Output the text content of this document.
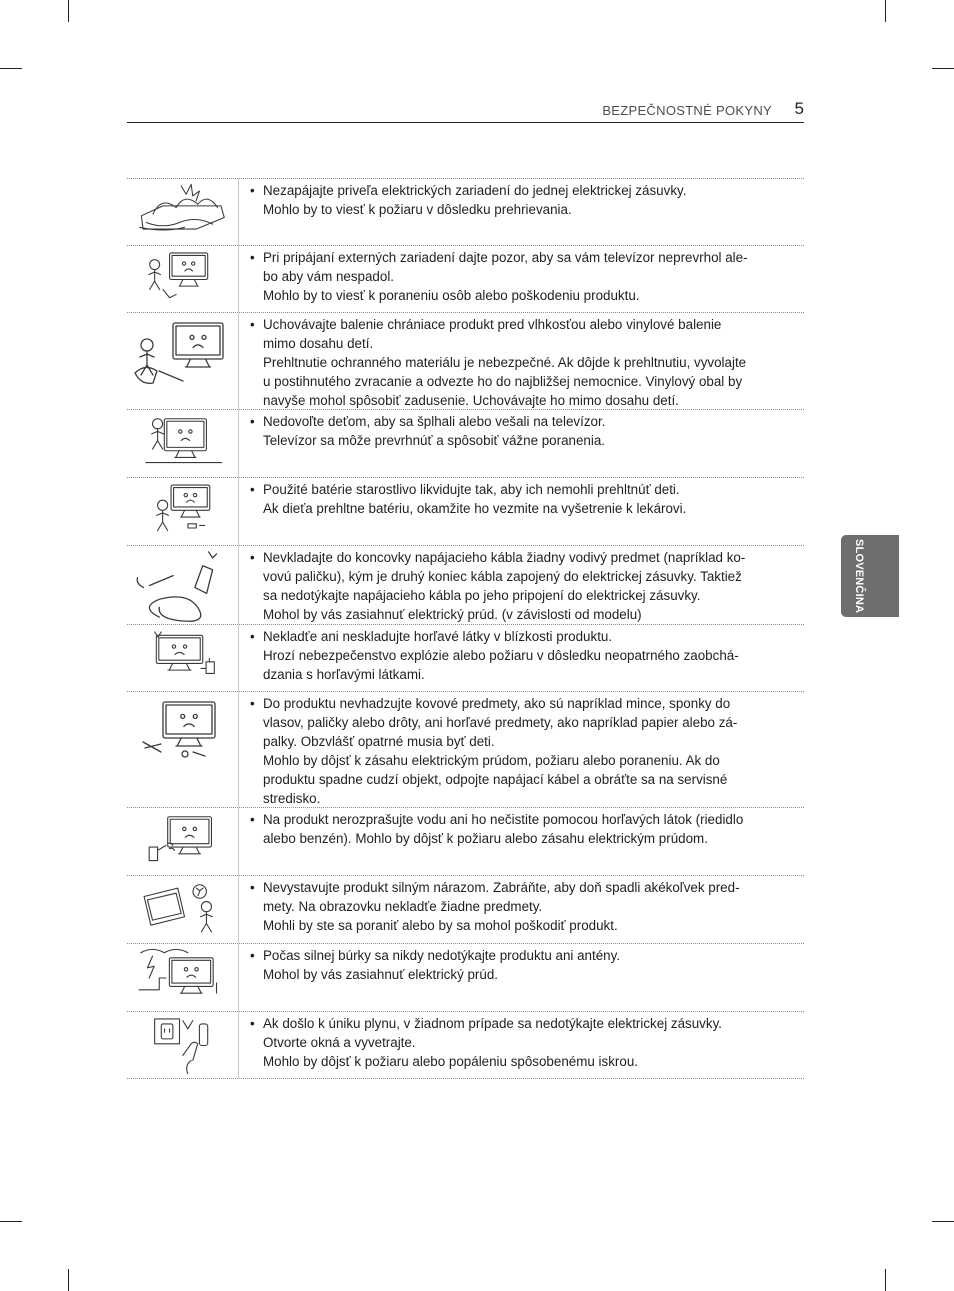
BEZPEČNOSTNÉ POKYNY 5
SLOVENČINA
• Nezapájajte priveľa elektrických zariadení do jednej elektrickej zásuvky.
Mohlo by to viesť k požiaru v dôsledku prehrievania.
• Pri pripájaní externých zariadení dajte pozor, aby sa vám televízor neprevrhol ale-
bo aby vám nespadol.
Mohlo by to viesť k poraneniu osôb alebo poškodeniu produktu.
• Uchovávajte balenie chrániace produkt pred vlhkosťou alebo vinylové balenie
mimo dosahu detí.
Prehltnutie ochranného materiálu je nebezpečné. Ak dôjde k prehltnutiu, vyvolajte
u postihnutého zvracanie a odvezte ho do najbližšej nemocnice. Vinylový obal by
navyše mohol spôsobiť zadusenie. Uchovávajte ho mimo dosahu detí.
• Nedovoľte deťom, aby sa šplhali alebo vešali na televízor.
Televízor sa môže prevrhnúť a spôsobiť vážne poranenia.
• Použité batérie starostlivo likvidujte tak, aby ich nemohli prehltnúť deti.
Ak dieťa prehltne batériu, okamžite ho vezmite na vyšetrenie k lekárovi.
• Nevkladajte do koncovky napájacieho kábla žiadny vodivý predmet (napríklad ko-
vovú paličku), kým je druhý koniec kábla zapojený do elektrickej zásuvky. Taktiež
sa nedotýkajte napájacieho kábla po jeho pripojení do elektrickej zásuvky.
Mohol by vás zasiahnuť elektrický prúd. (v závislosti od modelu)
• Nekladťe ani neskladujte horľavé látky v blízkosti produktu.
Hrozí nebezpečenstvo explózie alebo požiaru v dôsledku neopatrného zaobchá-
dzania s horľavými látkami.
• Do produktu nevhadzujte kovové predmety, ako sú napríklad mince, sponky do
vlasov, paličky alebo drôty, ani horľavé predmety, ako napríklad papier alebo zá-
palky. Obzvlášť opatrné musia byť deti.
Mohlo by dôjsť k zásahu elektrickým prúdom, požiaru alebo poraneniu. Ak do
produktu spadne cudzí objekt, odpojte napájací kábel a obráťte sa na servisné
stredisko.
• Na produkt nerozprašujte vodu ani ho nečistite pomocou horľavých látok (riedidlo
alebo benzén). Mohlo by dôjsť k požiaru alebo zásahu elektrickým prúdom.
• Nevystavujte produkt silným nárazom. Zabráňte, aby doň spadli akékoľvek pred-
mety. Na obrazovku nekladťe žiadne predmety.
Mohli by ste sa poraniť alebo by sa mohol poškodiť produkt.
• Počas silnej búrky sa nikdy nedotýkajte produktu ani antény.
Mohol by vás zasiahnuť elektrický prúd.
• Ak došlo k úniku plynu, v žiadnom prípade sa nedotýkajte elektrickej zásuvky.
Otvorte okná a vyvetrajte.
Mohlo by dôjsť k požiaru alebo popáleniu spôsobenému iskrou.
